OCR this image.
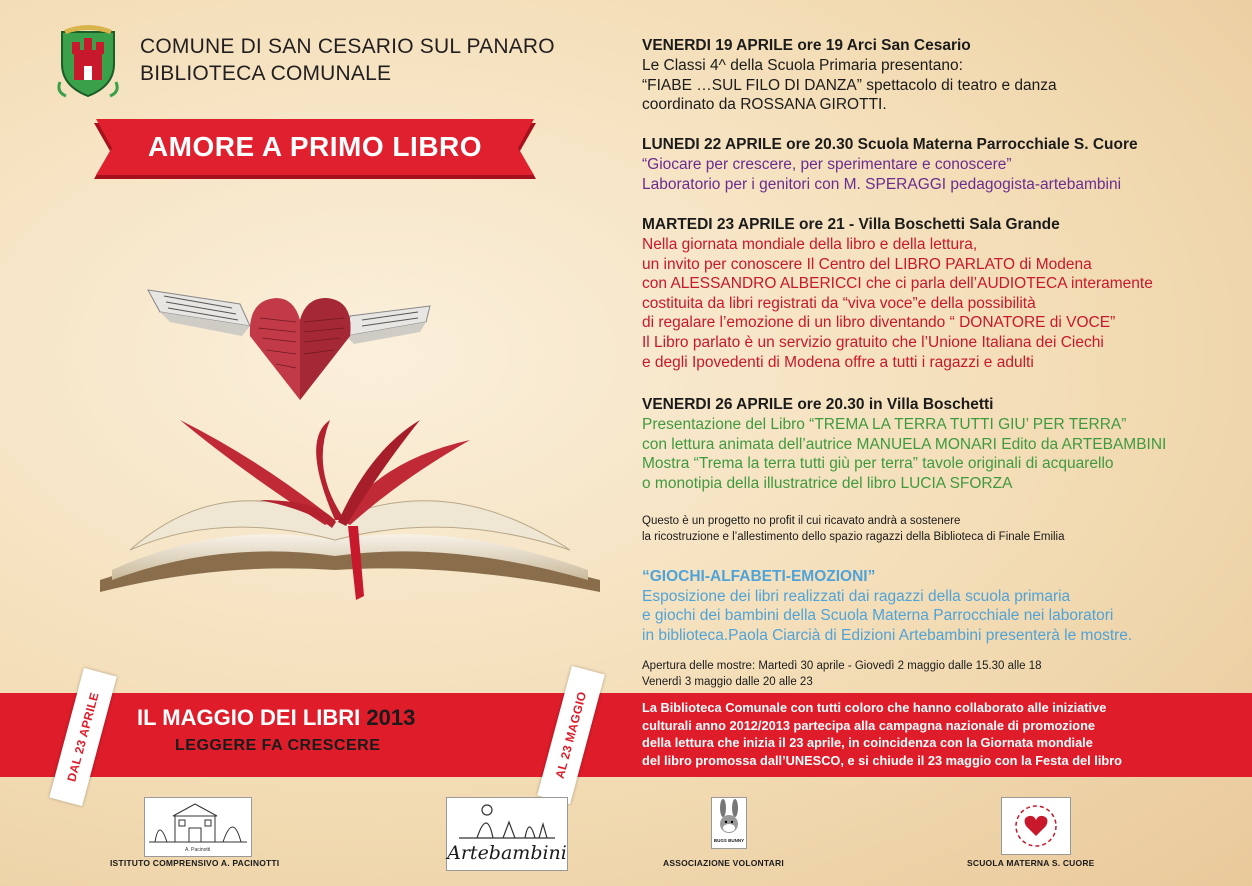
COMUNE DI SAN CESARIO SUL PANARO
BIBLIOTECA COMUNALE
AMORE A PRIMO LIBRO
VENERDI 19 APRILE ore 19 Arci San Cesario
Le Classi 4^ della Scuola Primaria presentano:
“FIABE …SUL FILO DI DANZA” spettacolo di teatro e danza
coordinato da ROSSANA GIROTTI.
LUNEDI 22 APRILE ore 20.30 Scuola Materna Parrocchiale S. Cuore
“Giocare per crescere, per sperimentare e conoscere”
Laboratorio per i genitori con M. SPERAGGI pedagogista-artebambini
MARTEDI 23 APRILE ore 21 - Villa Boschetti Sala Grande
Nella giornata mondiale della libro e della lettura,
un invito per conoscere Il Centro del LIBRO PARLATO di Modena
con ALESSANDRO ALBERICCI che ci parla dell’AUDIOTECA interamente
costituita da libri registrati da “viva voce”e della possibilità
di regalare l’emozione di un libro diventando “ DONATORE di VOCE”
Il Libro parlato è un servizio gratuito che l’Unione Italiana dei Ciechi
e degli Ipovedenti di Modena offre a tutti i ragazzi e adulti
VENERDI 26 APRILE ore 20.30 in Villa Boschetti
Presentazione del Libro “TREMA LA TERRA TUTTI GIU’ PER TERRA”
con lettura animata dell’autrice MANUELA MONARI Edito da ARTEBAMBINI
Mostra “Trema la terra tutti giù per terra” tavole originali di acquarello
o monotipia della illustratrice del libro LUCIA SFORZA
Questo è un progetto no profit il cui ricavato andrà a sostenere
la ricostruzione e l’allestimento dello spazio ragazzi della Biblioteca di Finale Emilia
“GIOCHI-ALFABETI-EMOZIONI”
Esposizione dei libri realizzati dai ragazzi della scuola primaria
e giochi dei bambini della Scuola Materna Parrocchiale nei laboratori
in biblioteca.Paola Ciarcià di Edizioni Artebambini presenterà le mostre.
Apertura delle mostre: Martedì 30 aprile - Giovedì 2 maggio dalle 15.30 alle 18
Venerdì 3 maggio dalle 20 alle 23
IL MAGGIO DEI LIBRI 2013
LEGGERE FA CRESCERE
DAL 23 APRILE	AL 23 MAGGIO	La Biblioteca Comunale con tutti coloro che hanno collaborato alle iniziative
culturali anno 2012/2013 partecipa alla campagna nazionale di promozione
della lettura che inizia il 23 aprile, in coincidenza con la Giornata mondiale
del libro promossa dall’UNESCO, e si chiude il 23 maggio con la Festa del libro
A. Pacinotti
ISTITUTO COMPRENSIVO A. PACINOTTI	Artebambini
BUGS BUNNY
ASSOCIAZIONE VOLONTARI	SCUOLA MATERNA S. CUORE
